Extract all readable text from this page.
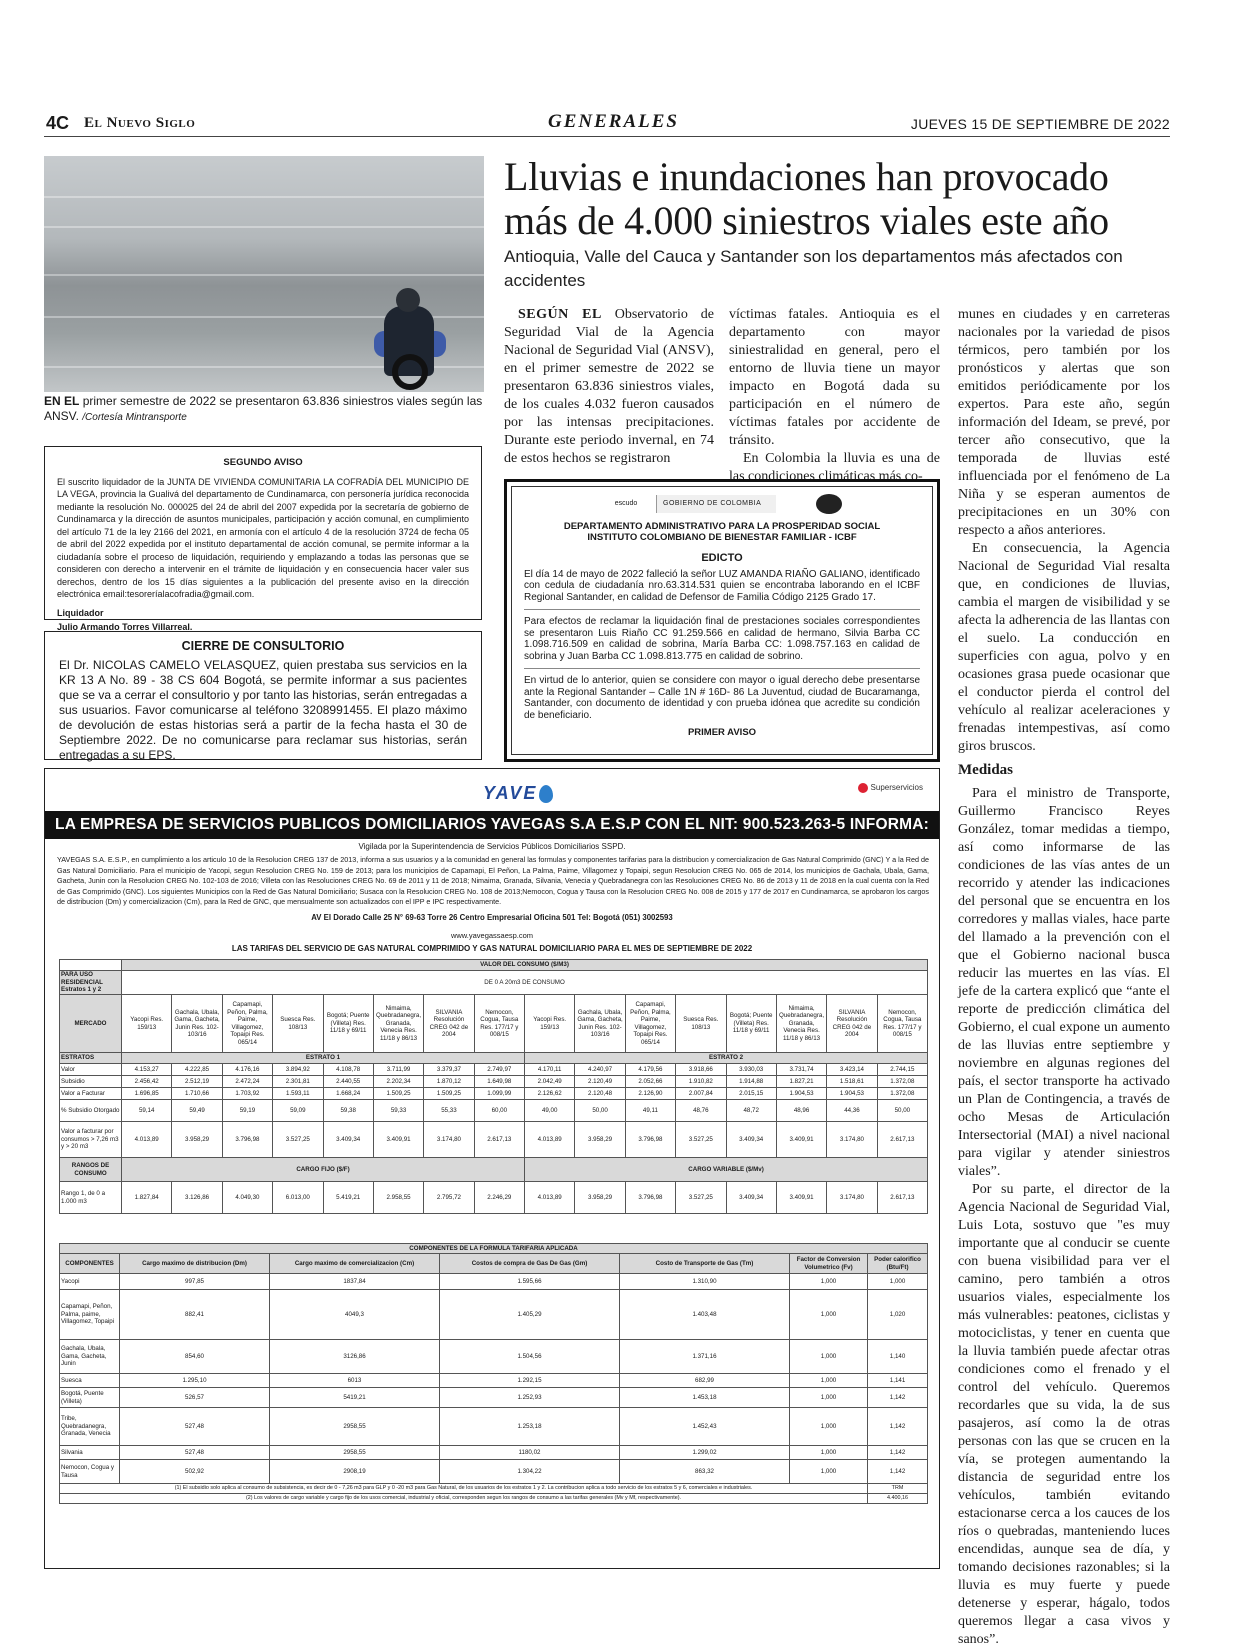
4C El Nuevo Siglo	GENERALES	JUEVES 15 DE SEPTIEMBRE DE 2022
EN EL primer semestre de 2022 se presentaron 63.836 siniestros viales según las ANSV. /Cortesía Mintransporte
Lluvias e inundaciones han provocado más de 4.000 siniestros viales este año
Antioquia, Valle del Cauca y Santander son los departamentos más afectados con accidentes

SEGÚN EL Observatorio de Seguridad Vial de la Agencia Nacional de Seguridad Vial (ANSV), en el primer semestre de 2022 se presentaron 63.836 siniestros viales, de los cuales 4.032 fueron causados por las intensas precipitaciones. Durante este periodo invernal, en 74 de estos hechos se registraron

víctimas fatales. Antioquia es el departamento con mayor siniestralidad en general, pero el entorno de lluvia tiene un mayor impacto en Bogotá dada su participación en el número de víctimas fatales por accidente de tránsito.

En Colombia la lluvia es una de las condiciones climáticas más co-

munes en ciudades y en carreteras nacionales por la variedad de pisos térmicos, pero también por los pronósticos y alertas que son emitidos periódicamente por los expertos. Para este año, según información del Ideam, se prevé, por tercer año consecutivo, que la temporada de lluvias esté influenciada por el fenómeno de La Niña y se esperan aumentos de precipitaciones en un 30% con respecto a años anteriores.

En consecuencia, la Agencia Nacional de Seguridad Vial resalta que, en condiciones de lluvias, cambia el margen de visibilidad y se afecta la adherencia de las llantas con el suelo. La conducción en superficies con agua, polvo y en ocasiones grasa puede ocasionar que el conductor pierda el control del vehículo al realizar aceleraciones y frenadas intempestivas, así como giros bruscos.

Medidas

Para el ministro de Transporte, Guillermo Francisco Reyes González, tomar medidas a tiempo, así como informarse de las condiciones de las vías antes de un recorrido y atender las indicaciones del personal que se encuentra en los corredores y mallas viales, hace parte del llamado a la prevención con el que el Gobierno nacional busca reducir las muertes en las vías. El jefe de la cartera explicó que “ante el reporte de predicción climática del Gobierno, el cual expone un aumento de las lluvias entre septiembre y noviembre en algunas regiones del país, el sector transporte ha activado un Plan de Contingencia, a través de ocho Mesas de Articulación Intersectorial (MAI) a nivel nacional para vigilar y atender siniestros viales”.

Por su parte, el director de la Agencia Nacional de Seguridad Vial, Luis Lota, sostuvo que "es muy importante que al conducir se cuente con buena visibilidad para ver el camino, pero también a otros usuarios viales, especialmente los más vulnerables: peatones, ciclistas y motociclistas, y tener en cuenta que la lluvia también puede afectar otras condiciones como el frenado y el control del vehículo. Queremos recordarles que su vida, la de sus pasajeros, así como la de otras personas con las que se crucen en la vía, se protegen aumentando la distancia de seguridad entre los vehículos, también evitando estacionarse cerca a los cauces de los ríos o quebradas, manteniendo luces encendidas, aunque sea de día, y tomando decisiones razonables; si la lluvia es muy fuerte y puede detenerse y esperar, hágalo, todos queremos llegar a casa vivos y sanos”.

SEGUNDO AVISO
El suscrito liquidador de la JUNTA DE VIVIENDA COMUNITARIA LA COFRADÍA DEL MUNICIPIO DE LA VEGA, provincia la Gualivá del departamento de Cundinamarca, con personería jurídica reconocida mediante la resolución No. 000025 del 24 de abril del 2007 expedida por la secretaría de gobierno de Cundinamarca y la dirección de asuntos municipales, participación y acción comunal, en cumplimiento del artículo 71 de la ley 2166 del 2021, en armonía con el artículo 4 de la resolución 3724 de fecha 05 de abril del 2022 expedida por el instituto departamental de acción comunal, se permite informar a la ciudadanía sobre el proceso de liquidación, requiriendo y emplazando a todas las personas que se consideren con derecho a intervenir en el trámite de liquidación y en consecuencia hacer valer sus derechos, dentro de los 15 días siguientes a la publicación del presente aviso en la dirección electrónica email:tesoreríalacofradia@gmail.com.
Liquidador
Julio Armando Torres Villarreal.
CIERRE DE CONSULTORIO
El Dr. NICOLAS CAMELO VELASQUEZ, quien prestaba sus servicios en la KR 13 A No. 89 - 38 CS 604 Bogotá, se permite informar a sus pacientes que se va a cerrar el consultorio y por tanto las historias, serán entregadas a sus usuarios. Favor comunicarse al teléfono 3208991455. El plazo máximo de devolución de estas historias será a partir de la fecha hasta el 30 de Septiembre 2022. De no comunicarse para reclamar sus historias, serán entregadas a su EPS.
escudo	GOBIERNO DE COLOMBIA
DEPARTAMENTO ADMINISTRATIVO PARA LA PROSPERIDAD SOCIAL
INSTITUTO COLOMBIANO DE BIENESTAR FAMILIAR - ICBF
EDICTO
El día 14 de mayo de 2022 falleció la señor LUZ AMANDA RIAÑO GALIANO, identificado con cedula de ciudadanía nro.63.314.531 quien se encontraba laborando en el ICBF Regional Santander, en calidad de Defensor de Familia Código 2125 Grado 17.
Para efectos de reclamar la liquidación final de prestaciones sociales correspondientes se presentaron Luis Riaño CC 91.259.566 en calidad de hermano, Silvia Barba CC 1.098.716.509 en calidad de sobrina, María Barba CC: 1.098.757.163 en calidad de sobrina y Juan Barba CC 1.098.813.775 en calidad de sobrino.
En virtud de lo anterior, quien se considere con mayor o igual derecho debe presentarse ante la Regional Santander – Calle 1N # 16D- 86 La Juventud, ciudad de Bucaramanga, Santander, con documento de identidad y con prueba idónea que acredite su condición de beneficiario.
PRIMER AVISO
YAVE	Superservicios
LA EMPRESA DE SERVICIOS PUBLICOS DOMICILIARIOS YAVEGAS S.A E.S.P CON EL NIT: 900.523.263-5 INFORMA:
Vigilada por la Superintendencia de Servicios Públicos Domiciliarios SSPD.
YAVEGAS S.A. E.S.P., en cumplimiento a los articulo 10 de la Resolucion CREG 137 de 2013, informa a sus usuarios y a la comunidad en general las formulas y componentes tarifarias para la distribucion y comercializacion de Gas Natural Comprimido (GNC) Y a la Red de Gas Natural Domiciliario. Para el municipio de Yacopi, segun Resolucion CREG No. 159 de 2013; para los municipios de Capamapi, El Peñon, La Palma, Paime, Villagomez y Topaipi, segun Resolucion CREG No. 065 de 2014, los municipios de Gachala, Ubala, Gama, Gacheta, Junin con la Resolucion CREG No. 102-103 de 2016; Villeta con las Resoluciones CREG No. 69 de 2011 y 11 de 2018; Nimaima, Granada, Silvania, Venecia y Quebradanegra con las Resoluciones CREG No. 86 de 2013 y 11 de 2018 en la cual cuenta con la Red de Gas Comprimido (GNC). Los siguientes Municipios con la Red de Gas Natural Domiciliario; Susaca con la Resolucion CREG No. 108 de 2013;Nemocon, Cogua y Tausa con la Resolucion CREG No. 008 de 2015 y 177 de 2017 en Cundinamarca, se aprobaron los cargos de distribucion (Dm) y comercializacion (Cm), para la Red de GNC, que mensualmente son actualizados con el IPP e IPC respectivamente.
AV El Dorado Calle 25 N° 69-63 Torre 26 Centro Empresarial Oficina 501 Tel: Bogotá (051) 3002593
www.yavegassaesp.com
LAS TARIFAS DEL SERVICIO DE GAS NATURAL COMPRIMIDO Y GAS NATURAL DOMICILIARIO PARA EL MES DE SEPTIEMBRE DE 2022
	VALOR DEL CONSUMO ($/M3)															
PARA USO RESIDENCIAL Estratos 1 y 2	DE 0 A 20m3 DE CONSUMO															
MERCADO	Yacopi Res. 159/13	Gachala, Ubala, Gama, Gacheta, Junin Res. 102-103/16	Capamapi, Peñon, Palma, Paime, Villagomez, Topaipi Res. 065/14	Suesca Res. 108/13	Bogotá; Puente (Villeta) Res. 11/18 y 69/11	Nimaima, Quebradanegra, Granada, Venecia Res. 11/18 y 86/13	SILVANIA Resolución CREG 042 de 2004	Nemocon, Cogua, Tausa Res. 177/17 y 008/15	Yacopi Res. 159/13	Gachala, Ubala, Gama, Gacheta, Junin Res. 102-103/16	Capamapi, Peñon, Palma, Paime, Villagomez, Topaipi Res. 065/14	Suesca Res. 108/13	Bogotá; Puente (Villeta) Res. 11/18 y 69/11	Nimaima, Quebradanegra, Granada, Venecia Res. 11/18 y 86/13	SILVANIA Resolución CREG 042 de 2004	Nemocon, Cogua, Tausa Res. 177/17 y 008/15
ESTRATOS	ESTRATO 1								ESTRATO 2							
Valor	4.153,27	4.222,85	4.176,16	3.894,92	4.108,78	3.711,99	3.379,37	2.749,97	4.170,11	4.240,97	4.179,56	3.918,66	3.930,03	3.731,74	3.423,14	2.744,15
Subsidio	2.456,42	2.512,19	2.472,24	2.301,81	2.440,55	2.202,34	1.870,12	1.649,98	2.042,49	2.120,49	2.052,66	1.910,82	1.914,88	1.827,21	1.518,61	1.372,08
Valor a Facturar	1.696,85	1.710,66	1.703,92	1.593,11	1.668,24	1.509,25	1.509,25	1.099,99	2.126,62	2.120,48	2.126,90	2.007,84	2.015,15	1.904,53	1.904,53	1.372,08
% Subsidio Otorgado	59,14	59,49	59,19	59,09	59,38	59,33	55,33	60,00	49,00	50,00	49,11	48,76	48,72	48,96	44,36	50,00
Valor a facturar por consumos > 7,26 m3 y > 20 m3	4.013,89	3.958,29	3.796,98	3.527,25	3.409,34	3.409,91	3.174,80	2.617,13	4.013,89	3.958,29	3.796,98	3.527,25	3.409,34	3.409,91	3.174,80	2.617,13
RANGOS DE CONSUMO	CARGO FIJO ($/F)								CARGO VARIABLE ($/Mv)							
Rango 1, de 0 a 1.000 m3	1.827,84	3.126,86	4.049,30	6.013,00	5.419,21	2.958,55	2.795,72	2.246,29	4.013,89	3.958,29	3.796,98	3.527,25	3.409,34	3.409,91	3.174,80	2.617,13
COMPONENTES DE LA FORMULA TARIFARIA APLICADA						
COMPONENTES	Cargo maximo de distribucion (Dm)	Cargo maximo de comercializacion (Cm)	Costos de compra de Gas De Gas (Gm)	Costo de Transporte de Gas (Tm)	Factor de Conversion Volumetrico (Fv)	Poder calorifico (Btu/Ft)
Yacopi	997,85	1837,84	1.595,66	1.310,90	1,000	1,000
Capamapi, Peñon, Palma, paime, Villagomez, Topaipi	882,41	4049,3	1.405,29	1.403,48	1,000	1,020
Gachala, Ubala, Gama, Gacheta, Junin	854,60	3126,86	1.504,56	1.371,16	1,000	1,140
Suesca	1.295,10	6013	1.292,15	682,99	1,000	1,141
Bogotá, Puente (Villeta)	526,57	5419,21	1.252,93	1.453,18	1,000	1,142
Tribe, Quebradanegra, Granada, Venecia	527,48	2958,55	1.253,18	1.452,43	1,000	1,142
Silvania	527,48	2958,55	1180,02	1.299,02	1,000	1,142
Nemocon, Cogua y Tausa	502,92	2908,19	1.304,22	863,32	1,000	1,142
(1) El subsidio solo aplica al consumo de subsistencia, es decir de 0 - 7,26 m3 para GLP y 0 -20 m3 para Gas Natural, de los usuarios de los estratos 1 y 2. La contribucion aplica a todo servicio de los estratos 5 y 6, comerciales e industriales.						TRM
(2) Los valores de cargo variable y cargo fijo de los usos comercial, industrial y oficial, corresponden segun los rangos de consumo a las tarifas generales (Mv y Mf, respectivamente).						4.400,16
